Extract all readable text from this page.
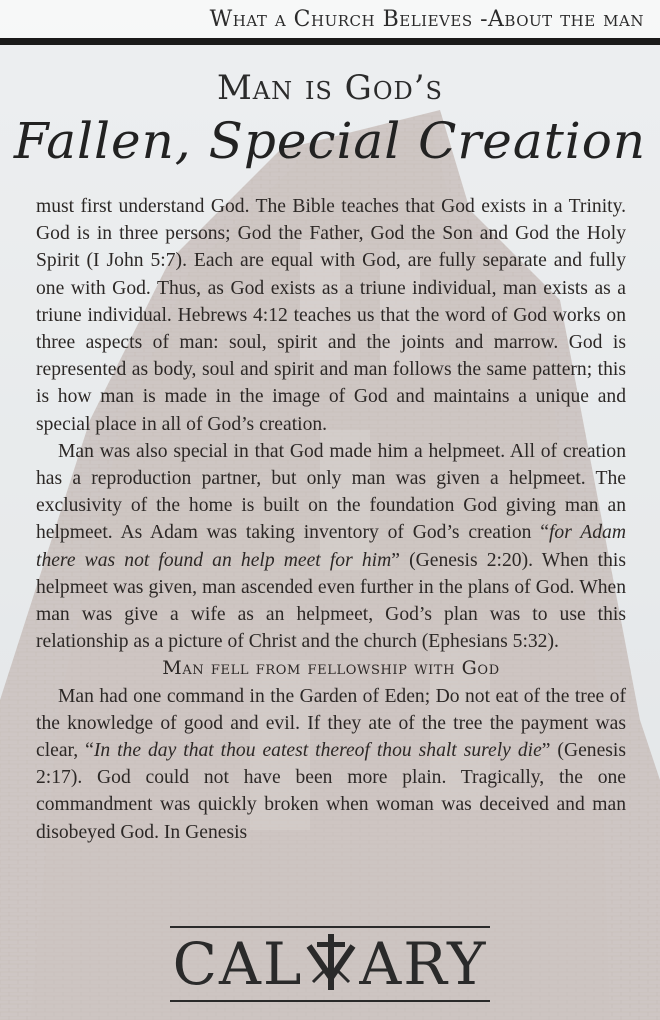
What a Church Believes -About the man
Man is God’s
Fallen, Special Creation

must first understand God. The Bible teaches that God exists in a Trinity. God is in three persons; God the Father, God the Son and God the Holy Spirit (I John 5:7). Each are equal with God, are fully separate and fully one with God. Thus, as God exists as a triune individual, man exists as a triune individual. Hebrews 4:12 teaches us that the word of God works on three aspects of man: soul, spirit and the joints and marrow. God is represented as body, soul and spirit and man follows the same pattern; this is how man is made in the image of God and maintains a unique and special place in all of God’s creation.

Man was also special in that God made him a helpmeet. All of creation has a reproduction partner, but only man was given a helpmeet. The exclusivity of the home is built on the foundation God giving man an helpmeet. As Adam was taking inventory of God’s creation “for Adam there was not found an help meet for him” (Genesis 2:20). When this helpmeet was given, man ascended even further in the plans of God. When man was give a wife as an helpmeet, God’s plan was to use this relationship as a picture of Christ and the church (Ephesians 5:32).

Man fell from fellowship with God

Man had one command in the Garden of Eden; Do not eat of the tree of the knowledge of good and evil. If they ate of the tree the payment was clear, “In the day that thou eatest thereof thou shalt surely die” (Genesis 2:17). God could not have been more plain. Tragically, the one commandment was quickly broken when woman was deceived and man disobeyed God. In Genesis

CAL ARY
